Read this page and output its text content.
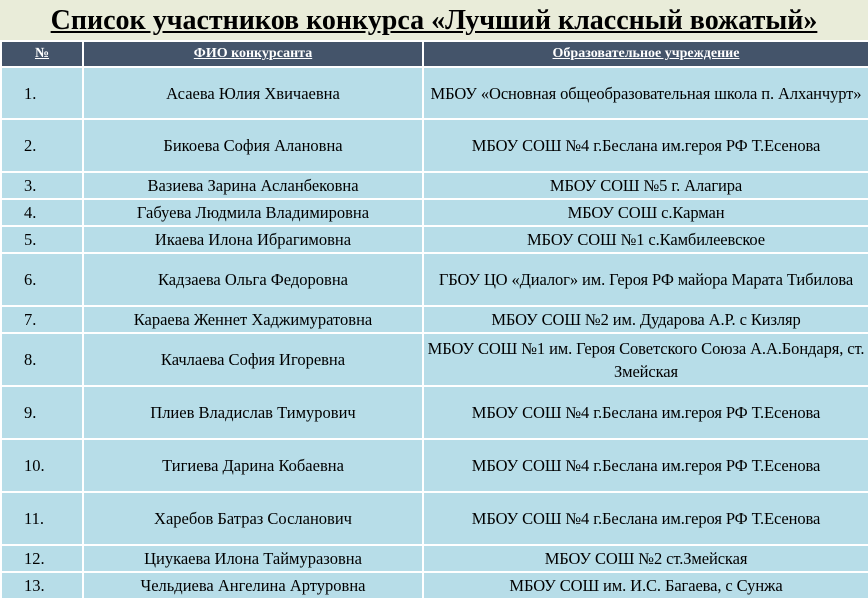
Список участников конкурса «Лучший классный вожатый»
№	ФИО конкурсанта	Образовательное учреждение
1.	Асаева Юлия Хвичаевна	МБОУ «Основная общеобразовательная школа п. Алханчурт»
2.	Бикоева София Алановна	МБОУ СОШ №4 г.Беслана им.героя РФ Т.Есенова
3.	Вазиева Зарина Асланбековна	МБОУ СОШ №5 г. Алагира
4.	Габуева Людмила Владимировна	МБОУ СОШ с.Карман
5.	Икаева Илона Ибрагимовна	МБОУ СОШ №1 с.Камбилеевское
6.	Кадзаева Ольга Федоровна	ГБОУ ЦО «Диалог» им. Героя РФ майора Марата Тибилова
7.	Караева Женнет Хаджимуратовна	МБОУ СОШ №2 им. Дударова А.Р. с Кизляр
8.	Качлаева София Игоревна	МБОУ СОШ №1 им. Героя Советского Союза А.А.Бондаря, ст. Змейская
9.	Плиев Владислав Тимурович	МБОУ СОШ №4 г.Беслана им.героя РФ Т.Есенова
10.	Тигиева Дарина Кобаевна	МБОУ СОШ №4 г.Беслана им.героя РФ Т.Есенова
11.	Харебов Батраз Сосланович	МБОУ СОШ №4 г.Беслана им.героя РФ Т.Есенова
12.	Циукаева Илона Таймуразовна	МБОУ СОШ №2 ст.Змейская
13.	Чельдиева Ангелина Артуровна	МБОУ СОШ им. И.С. Багаева, с Сунжа
